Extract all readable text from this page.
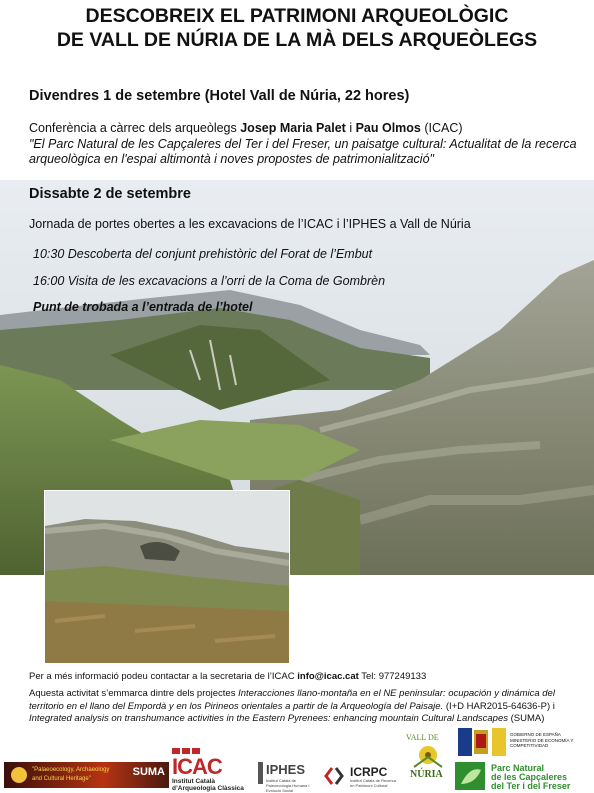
DESCOBREIX EL PATRIMONI ARQUEOLÒGIC
DE VALL DE NÚRIA DE LA MÀ DELS ARQUEÒLEGS
Divendres 1 de setembre (Hotel Vall de Núria, 22 hores)
Conferència a càrrec dels arqueòlegs Josep Maria Palet i Pau Olmos (ICAC)
"El Parc Natural de les Capçaleres del Ter i del Freser, un paisatge cultural: Actualitat de la recerca arqueològica en l'espai altimontà i noves propostes de patrimonialització"
Dissabte 2 de setembre
Jornada de portes obertes a les excavacions de l’ICAC i l’IPHES a Vall de Núria
10:30 Descoberta del conjunt prehistòric del Forat de l’Embut
16:00 Visita de les excavacions a l’orri de la Coma de Gombrèn
Punt de trobada a l’entrada de l’hotel
Per a més informació podeu contactar a la secretaria de l’ICAC info@icac.cat Tel: 977249133
Aquesta activitat s’emmarca dintre dels projectes Interacciones llano-montaña en el NE peninsular: ocupación y dinámica del territorio en el llano del Empordà y en los Pirineos orientales a partir de la Arqueología del Paisaje. (I+D HAR2015-64636-P) i Integrated analysis on transhumance activities in the Eastern Pyrenees: enhancing mountain Cultural Landscapes (SUMA)
"Palaeoecology, Archaeology
and Cultural Heritage"
SUMA ICAC
Institut Català d’Arqueologia Clàssica
IPHES
Institut Català de Paleoecologia Humana i Evolució Social
ICRPC
Institut Català de Recerca en Patrimoni Cultural
VALL DE
NÚRIA
GOBIERNO DE ESPAÑA MINISTERIO DE ECONOMÍA Y COMPETITIVIDAD
Parc Natural
de les Capçaleres
del Ter i del Freser
